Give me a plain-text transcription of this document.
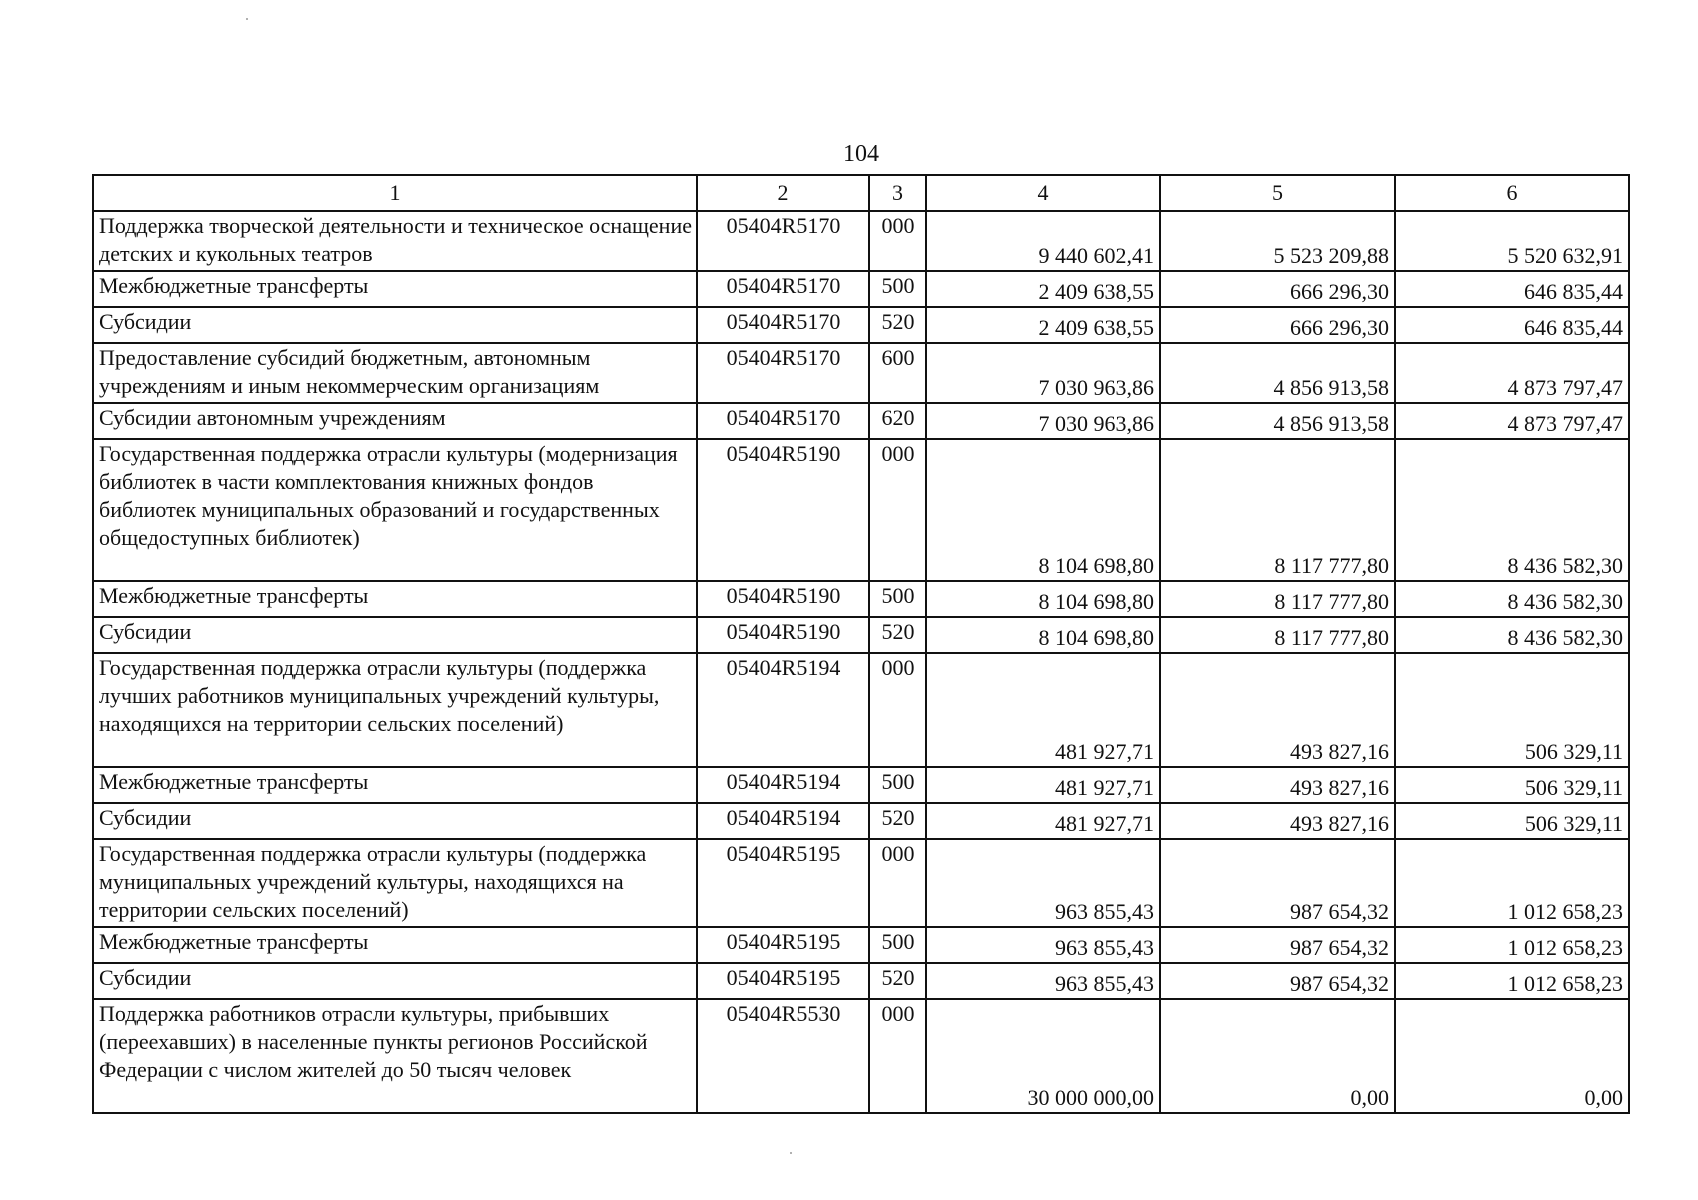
104
1	2	3	4	5	6
Поддержка творческой деятельности и техническое оснащение детских и кукольных театров	05404R5170	000	9 440 602,41	5 523 209,88	5 520 632,91
Межбюджетные трансферты	05404R5170	500	2 409 638,55	666 296,30	646 835,44
Субсидии	05404R5170	520	2 409 638,55	666 296,30	646 835,44
Предоставление субсидий бюджетным, автономным учреждениям и иным некоммерческим организациям	05404R5170	600	7 030 963,86	4 856 913,58	4 873 797,47
Субсидии автономным учреждениям	05404R5170	620	7 030 963,86	4 856 913,58	4 873 797,47
Государственная поддержка отрасли культуры (модернизация библиотек в части комплектования книжных фондов библиотек муниципальных образований и государственных общедоступных библиотек)	05404R5190	000	8 104 698,80	8 117 777,80	8 436 582,30
Межбюджетные трансферты	05404R5190	500	8 104 698,80	8 117 777,80	8 436 582,30
Субсидии	05404R5190	520	8 104 698,80	8 117 777,80	8 436 582,30
Государственная поддержка отрасли культуры (поддержка лучших работников муниципальных учреждений культуры, находящихся на территории сельских поселений)	05404R5194	000	481 927,71	493 827,16	506 329,11
Межбюджетные трансферты	05404R5194	500	481 927,71	493 827,16	506 329,11
Субсидии	05404R5194	520	481 927,71	493 827,16	506 329,11
Государственная поддержка отрасли культуры (поддержка муниципальных учреждений культуры, находящихся на территории сельских поселений)	05404R5195	000	963 855,43	987 654,32	1 012 658,23
Межбюджетные трансферты	05404R5195	500	963 855,43	987 654,32	1 012 658,23
Субсидии	05404R5195	520	963 855,43	987 654,32	1 012 658,23
Поддержка работников отрасли культуры, прибывших (переехавших) в населенные пункты регионов Российской Федерации с числом жителей до 50 тысяч человек	05404R5530	000	30 000 000,00	0,00	0,00
